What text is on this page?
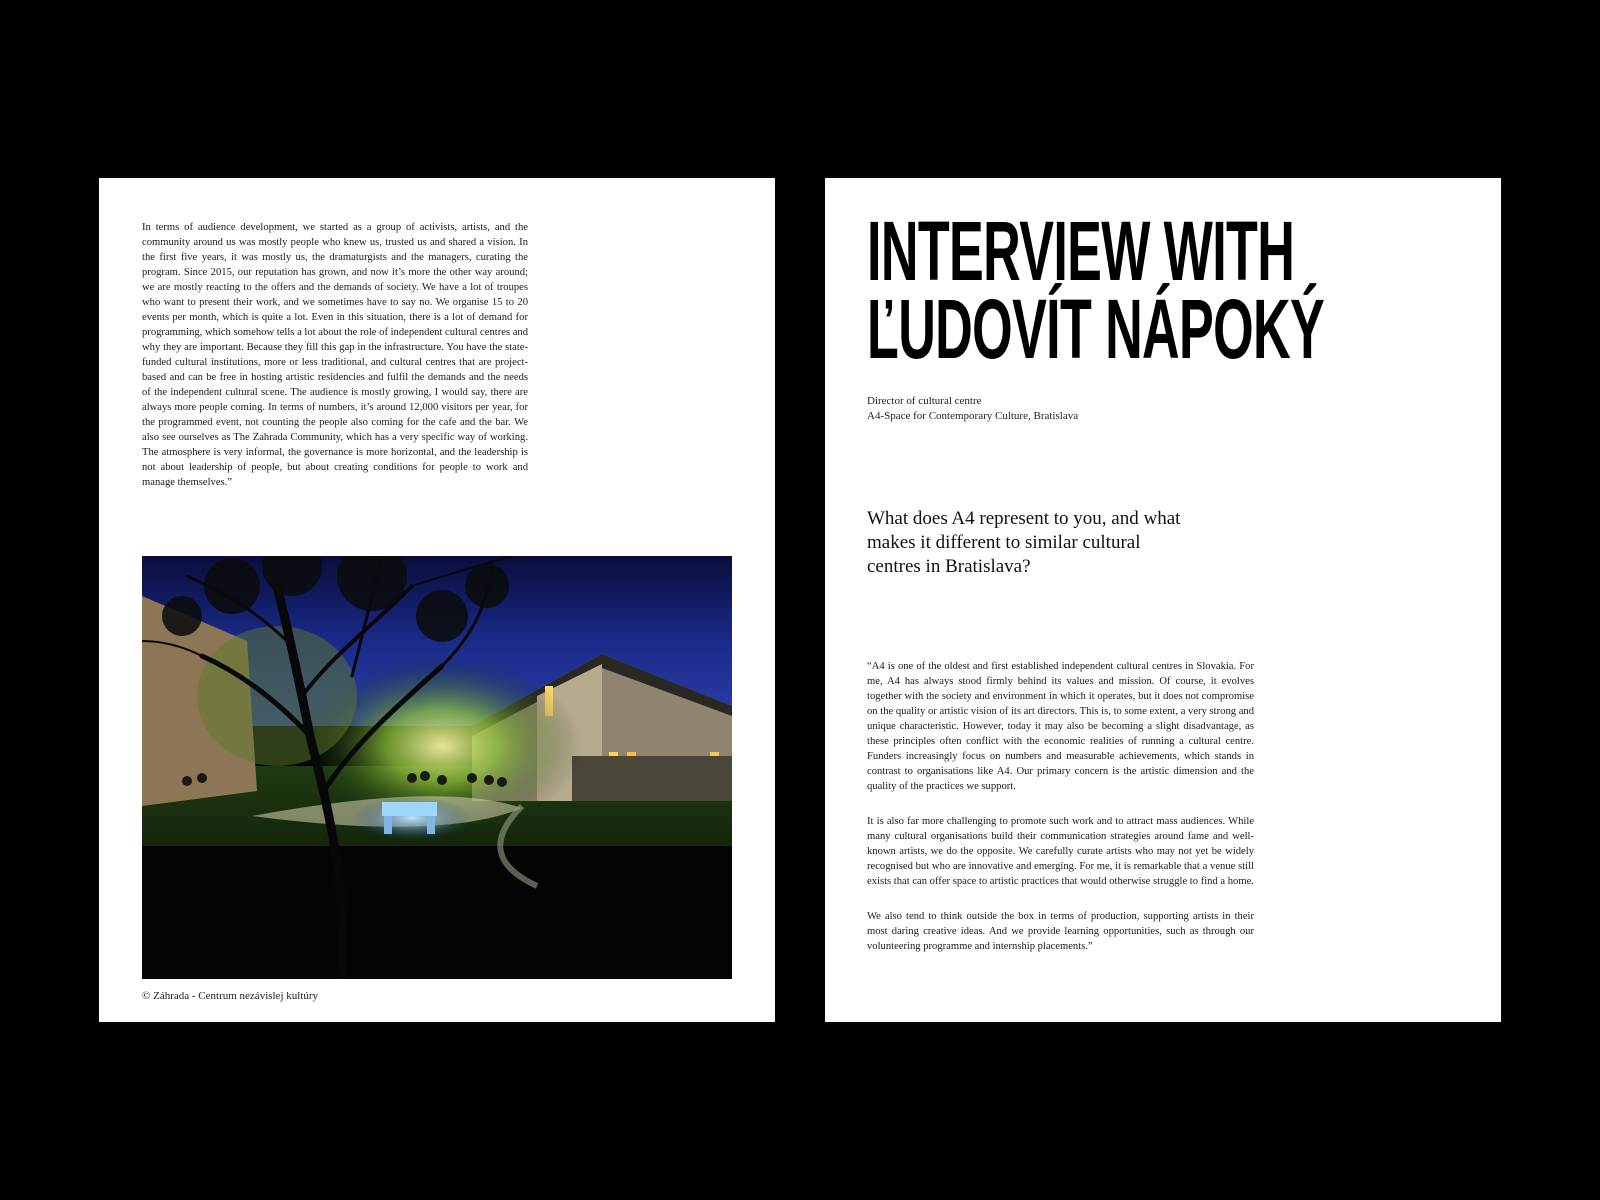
In terms of audience development, we started as a group of activists, artists, and the community around us was mostly people who knew us, trusted us and shared a vision. In the first five years, it was mostly us, the dramaturgists and the managers, curating the program. Since 2015, our reputation has grown, and now it’s more the other way around; we are mostly reacting to the offers and the demands of society. We have a lot of troupes who want to present their work, and we sometimes have to say no. We organise 15 to 20 events per month, which is quite a lot. Even in this situation, there is a lot of demand for programming, which somehow tells a lot about the role of independent cultural centres and why they are important. Because they fill this gap in the infrastructure. You have the state-funded cultural institutions, more or less traditional, and cultural centres that are project-based and can be free in hosting artistic residencies and fulfil the demands and the needs of the independent cultural scene. The audience is mostly growing, I would say, there are always more people coming. In terms of numbers, it’s around 12,000 visitors per year, for the programmed event, not counting the people also coming for the cafe and the bar. We also see ourselves as The Zahrada Community, which has a very specific way of working. The atmosphere is very informal, the governance is more horizontal, and the leadership is not about leadership of people, but about creating conditions for people to work and manage themselves.”

© Záhrada - Centrum nezávislej kultúry
20
INTERVIEW WITH
ĽUDOVÍT NÁPOKÝ
Director of cultural centre
A4-Space for Contemporary Culture, Bratislava
What does A4 represent to you, and what makes it different to similar cultural centres in Bratislava?

“A4 is one of the oldest and first established independent cultural centres in Slovakia. For me, A4 has always stood firmly behind its values and mission. Of course, it evolves together with the society and environment in which it operates, but it does not compromise on the quality or artistic vision of its art directors. This is, to some extent, a very strong and unique characteristic. However, today it may also be becoming a slight disadvantage, as these principles often conflict with the economic realities of running a cultural centre. Funders increasingly focus on numbers and measurable achievements, which stands in contrast to organisations like A4. Our primary concern is the artistic dimension and the quality of the practices we support.

It is also far more challenging to promote such work and to attract mass audiences. While many cultural organisations build their communication strategies around fame and well-known artists, we do the opposite. We carefully curate artists who may not yet be widely recognised but who are innovative and emerging. For me, it is remarkable that a venue still exists that can offer space to artistic practices that would otherwise struggle to find a home.

We also tend to think outside the box in terms of production, supporting artists in their most daring creative ideas. And we provide learning opportunities, such as through our volunteering programme and internship placements.”

21
